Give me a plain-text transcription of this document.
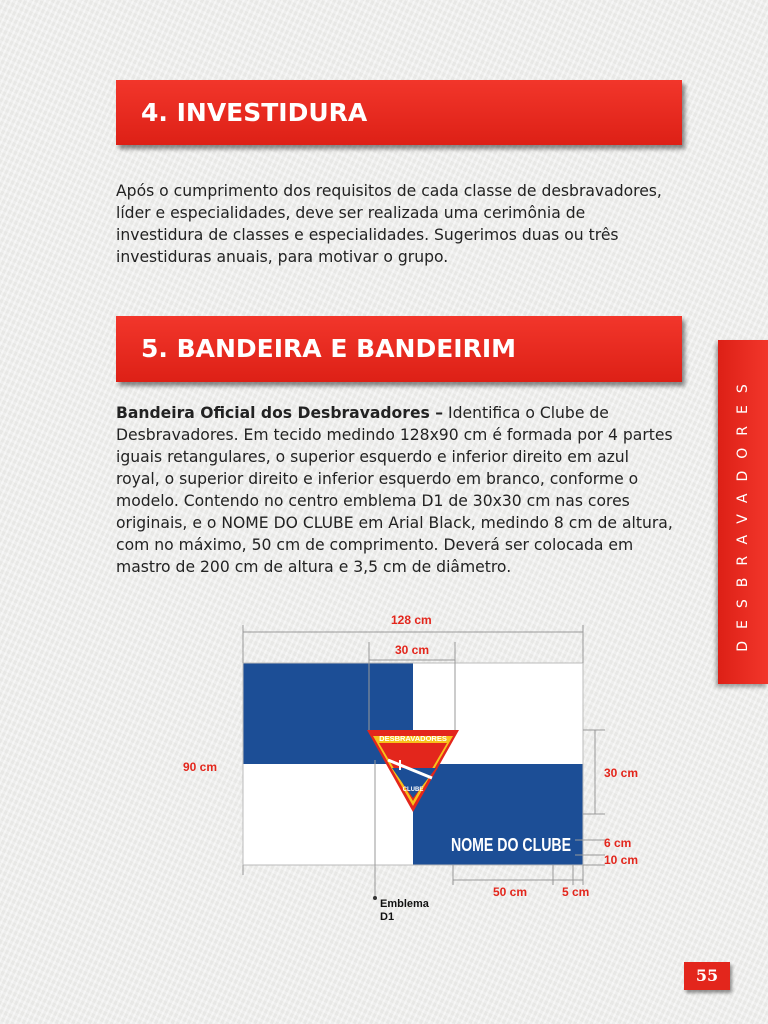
4. INVESTIDURA

Após o cumprimento dos requisitos de cada classe de desbravadores, líder e especialidades, deve ser realizada uma cerimônia de investidura de classes e especialidades. Sugerimos duas ou três investiduras anuais, para motivar o grupo.

5. BANDEIRA E BANDEIRIM

Bandeira Oficial dos Desbravadores – Identifica o Clube de Desbravadores. Em tecido medindo 128x90 cm é formada por 4 partes iguais retangulares, o superior esquerdo e inferior direito em azul royal, o superior direito e inferior esquerdo em branco, conforme o modelo. Contendo no centro emblema D1 de 30x30 cm nas cores originais, e o NOME DO CLUBE em Arial Black, medindo 8 cm de altura, com no máximo, 50 cm de comprimento. Deverá ser colocada em mastro de 200 cm de altura e 3,5 cm de diâmetro.

DESBRAVADORES
CLUBE
NOME DO CLUBE
128 cm
30 cm
90 cm	30 cm
6 cm
10 cm
50 cm	5 cm
Emblema
D1
DESBRAVADORES
55
